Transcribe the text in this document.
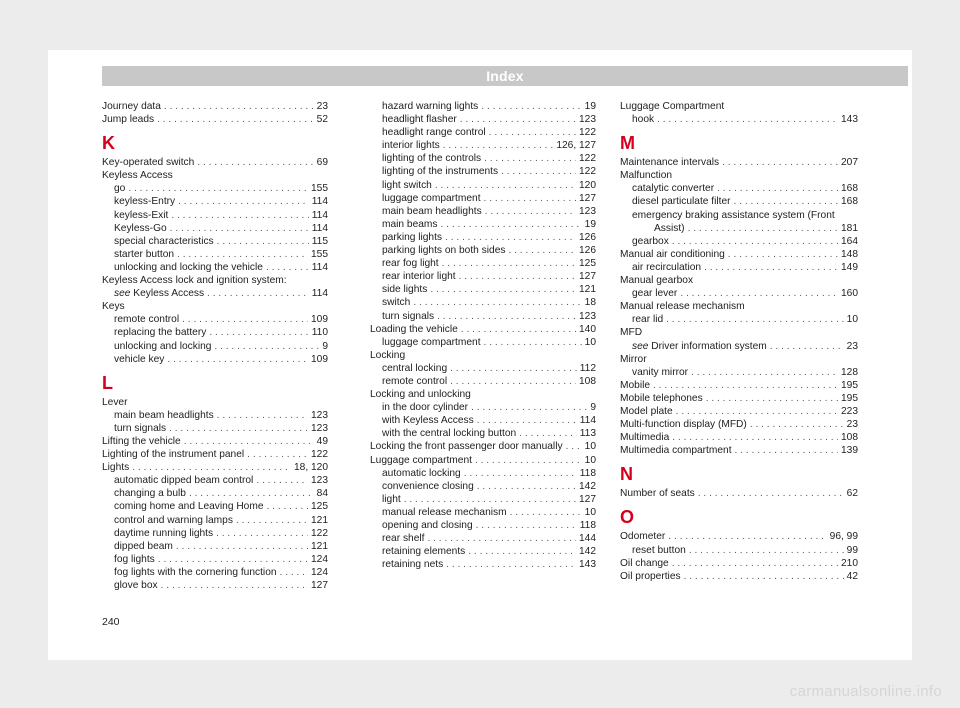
Index
Journey data . . .	23
Jump leads . . .	52
K
Key-operated switch . . .	69
Keyless Access
go . . .	155
keyless-Entry . . .	114
keyless-Exit . . .	114
Keyless-Go . . .	114
special characteristics . . .	115
starter button . . .	155
unlocking and locking the vehicle . . .	114
Keyless Access lock and ignition system:
see Keyless Access . . .	114
Keys
remote control . . .	109
replacing the battery . . .	110
unlocking and locking . . .	9
vehicle key . . .	109
L
Lever
main beam headlights . . .	123
turn signals . . .	123
Lifting the vehicle . . .	49
Lighting of the instrument panel . . .	122
Lights . . .	18, 120
automatic dipped beam control . . .	123
changing a bulb . . .	84
coming home and Leaving Home . . .	125
control and warning lamps . . .	121
daytime running lights . . .	122
dipped beam . . .	121
fog lights . . .	124
fog lights with the cornering function . . .	124
glove box . . .	127
hazard warning lights . . .	19
headlight flasher . . .	123
headlight range control . . .	122
interior lights . . .	126, 127
lighting of the controls . . .	122
lighting of the instruments . . .	122
light switch . . .	120
luggage compartment . . .	127
main beam headlights . . .	123
main beams . . .	19
parking lights . . .	126
parking lights on both sides . . .	126
rear fog light . . .	125
rear interior light . . .	127
side lights . . .	121
switch . . .	18
turn signals . . .	123
Loading the vehicle . . .	140
luggage compartment . . .	10
Locking
central locking . . .	112
remote control . . .	108
Locking and unlocking
in the door cylinder . . .	9
with Keyless Access . . .	114
with the central locking button . . .	113
Locking the front passenger door manually . . . 10
Luggage compartment . . .	10
automatic locking . . .	118
convenience closing . . .	142
light . . .	127
manual release mechanism . . .	10
opening and closing . . .	118
rear shelf . . .	144
retaining elements . . .	142
retaining nets . . .	143
Luggage Compartment
hook . . .	143
M
Maintenance intervals . . .	207
Malfunction
catalytic converter . . .	168
diesel particulate filter . . .	168
emergency braking assistance system (Front
Assist) . . .	181
gearbox . . .	164
Manual air conditioning . . .	148
air recirculation . . .	149
Manual gearbox
gear lever . . .	160
Manual release mechanism
rear lid . . .	10
MFD
see Driver information system . . .	23
Mirror
vanity mirror . . .	128
Mobile . . .	195
Mobile telephones . . .	195
Model plate . . .	223
Multi-function display (MFD) . . .	23
Multimedia . . .	108
Multimedia compartment . . .	139
N
Number of seats . . .	62
O
Odometer . . .	96, 99
reset button . . .	99
Oil change . . .	210
Oil properties . . .	42
240
carmanualsonline.info
